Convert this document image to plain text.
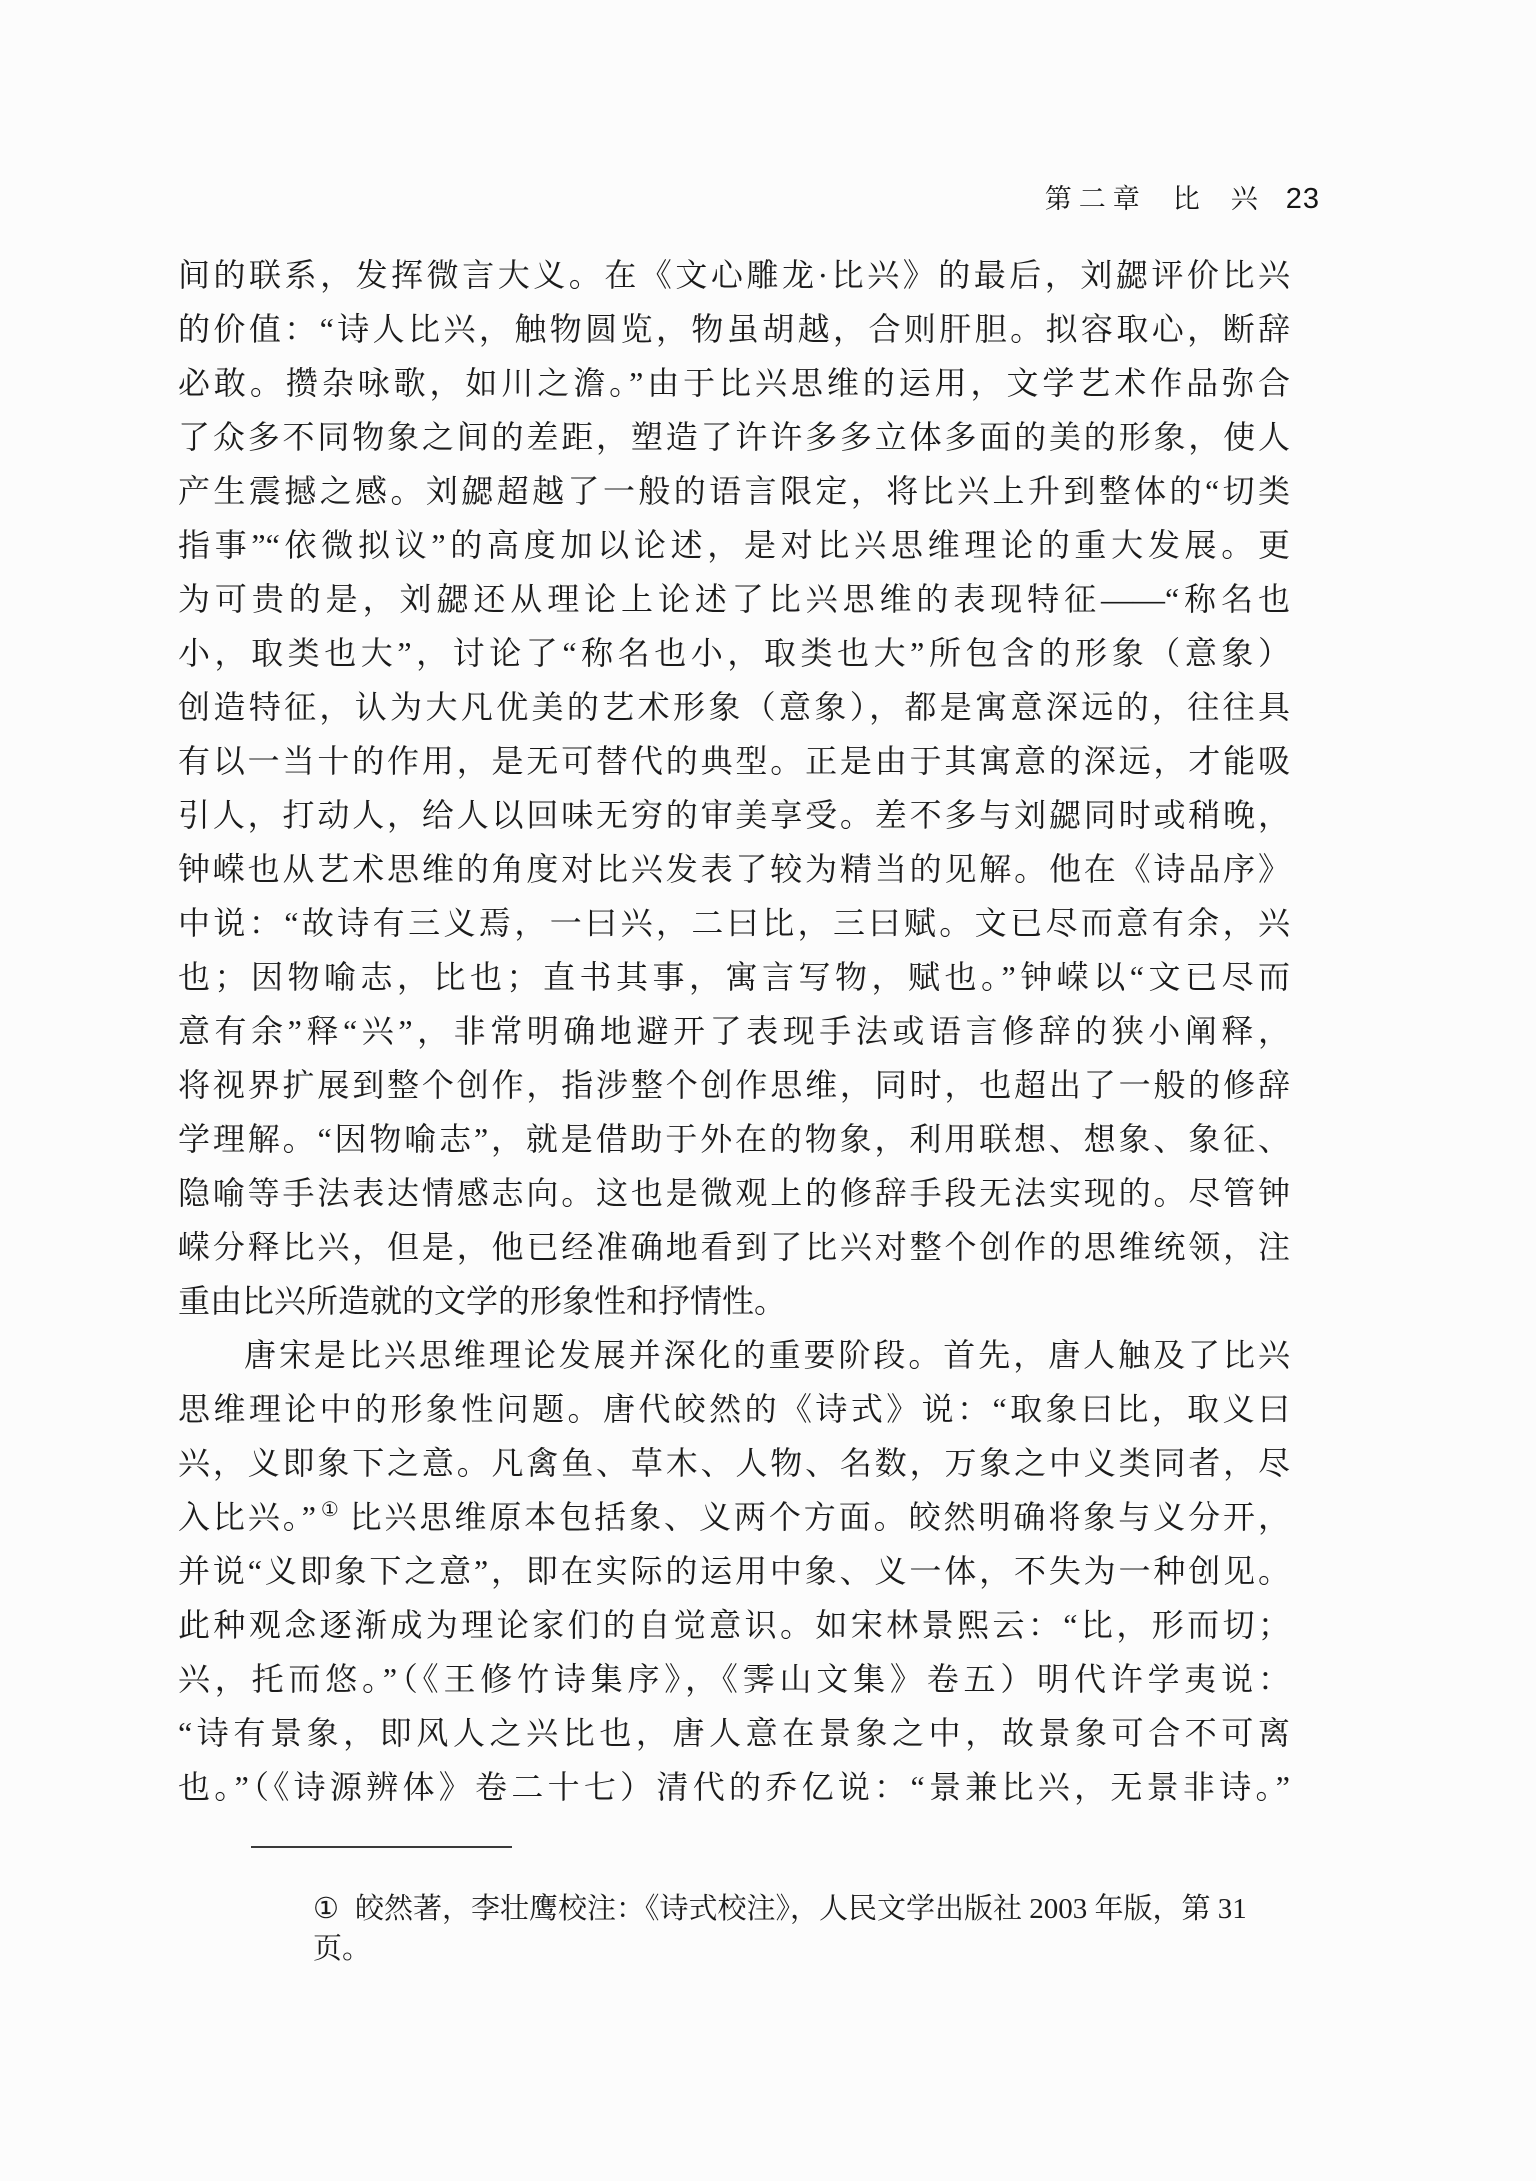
第二章 比　兴 23
间的联系，发挥微言大义。在《文心雕龙·比兴》的最后，刘勰评价比兴
的价值：“诗人比兴，触物圆览，物虽胡越，合则肝胆。拟容取心，断辞
必敢。攒杂咏歌，如川之澹。”由于比兴思维的运用，文学艺术作品弥合
了众多不同物象之间的差距，塑造了许许多多立体多面的美的形象，使人
产生震撼之感。刘勰超越了一般的语言限定，将比兴上升到整体的“切类
指事”“依微拟议”的高度加以论述，是对比兴思维理论的重大发展。更
为可贵的是，刘勰还从理论上论述了比兴思维的表现特征——“称名也
小，取类也大”，讨论了“称名也小，取类也大”所包含的形象（意象）
创造特征，认为大凡优美的艺术形象（意象），都是寓意深远的，往往具
有以一当十的作用，是无可替代的典型。正是由于其寓意的深远，才能吸
引人，打动人，给人以回味无穷的审美享受。差不多与刘勰同时或稍晚，
钟嵘也从艺术思维的角度对比兴发表了较为精当的见解。他在《诗品序》
中说：“故诗有三义焉，一曰兴，二曰比，三曰赋。文已尽而意有余，兴
也；因物喻志，比也；直书其事，寓言写物，赋也。”钟嵘以“文已尽而
意有余”释“兴”，非常明确地避开了表现手法或语言修辞的狭小阐释，
将视界扩展到整个创作，指涉整个创作思维，同时，也超出了一般的修辞
学理解。“因物喻志”，就是借助于外在的物象，利用联想、想象、象征、
隐喻等手法表达情感志向。这也是微观上的修辞手段无法实现的。尽管钟
嵘分释比兴，但是，他已经准确地看到了比兴对整个创作的思维统领，注
重由比兴所造就的文学的形象性和抒情性。
唐宋是比兴思维理论发展并深化的重要阶段。首先，唐人触及了比兴
思维理论中的形象性问题。唐代皎然的《诗式》说：“取象曰比，取义曰
兴，义即象下之意。凡禽鱼、草木、人物、名数，万象之中义类同者，尽
入比兴。” ① 比兴思维原本包括象、义两个方面。皎然明确将象与义分开，
并说“义即象下之意”，即在实际的运用中象、义一体，不失为一种创见。
此种观念逐渐成为理论家们的自觉意识。如宋林景熙云：“比，形而切；
兴，托而悠。”（《王修竹诗集序》，《霁山文集》卷五）明代许学夷说：
“诗有景象，即风人之兴比也，唐人意在景象之中，故景象可合不可离
也。”（《诗源辨体》卷二十七）清代的乔亿说：“景兼比兴，无景非诗。”
① 皎然著，李壮鹰校注：《诗式校注》，人民文学出版社 2003 年版，第 31 页。
